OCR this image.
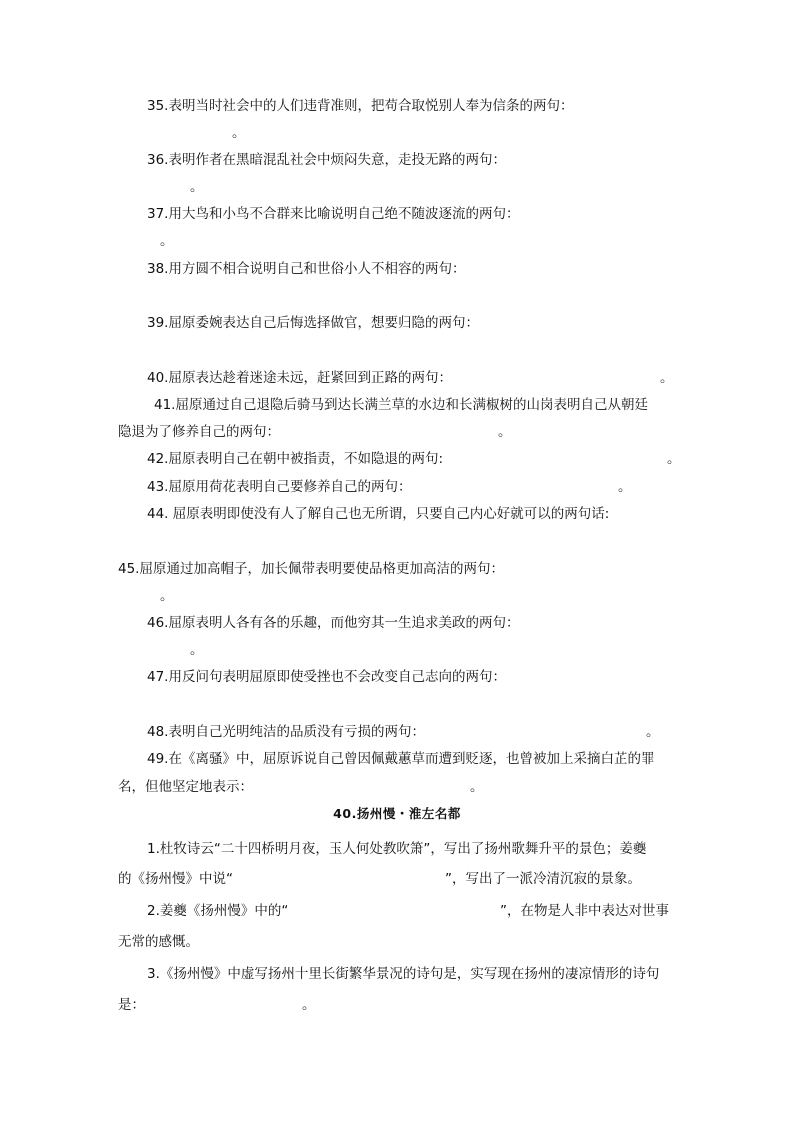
35.表明当时社会中的人们违背准则，把苟合取悦别人奉为信条的两句：
。
36.表明作者在黑暗混乱社会中烦闷失意，走投无路的两句：
。
37.用大鸟和小鸟不合群来比喻说明自己绝不随波逐流的两句：
。
38.用方圆不相合说明自己和世俗小人不相容的两句：
39.屈原委婉表达自己后悔选择做官，想要归隐的两句：
40.屈原表达趁着迷途未远，赶紧回到正路的两句：	。
41.屈原通过自己退隐后骑马到达长满兰草的水边和长满椒树的山岗表明自己从朝廷
隐退为了修养自己的两句：	。
42.屈原表明自己在朝中被指责，不如隐退的两句:	。
43.屈原用荷花表明自己要修养自己的两句：	。
44. 屈原表明即使没有人了解自己也无所谓，只要自己内心好就可以的两句话:
45.屈原通过加高帽子，加长佩带表明要使品格更加高洁的两句：
。
46.屈原表明人各有各的乐趣，而他穷其一生追求美政的两句：
。
47.用反问句表明屈原即使受挫也不会改变自己志向的两句：
48.表明自己光明纯洁的品质没有亏损的两句：	。
49.在《离骚》中，屈原诉说自己曾因佩戴蕙草而遭到贬逐，也曾被加上采摘白芷的罪
名，但他坚定地表示：	。
40.扬州慢・淮左名都
1.杜牧诗云“二十四桥明月夜，玉人何处教吹箫”，写出了扬州歌舞升平的景色；姜夔
的《扬州慢》中说“	”，写出了一派冷清沉寂的景象。
2.姜夔《扬州慢》中的“	”，在物是人非中表达对世事
无常的感慨。
3.《扬州慢》中虚写扬州十里长街繁华景况的诗句是，实写现在扬州的凄凉情形的诗句
是：	。
